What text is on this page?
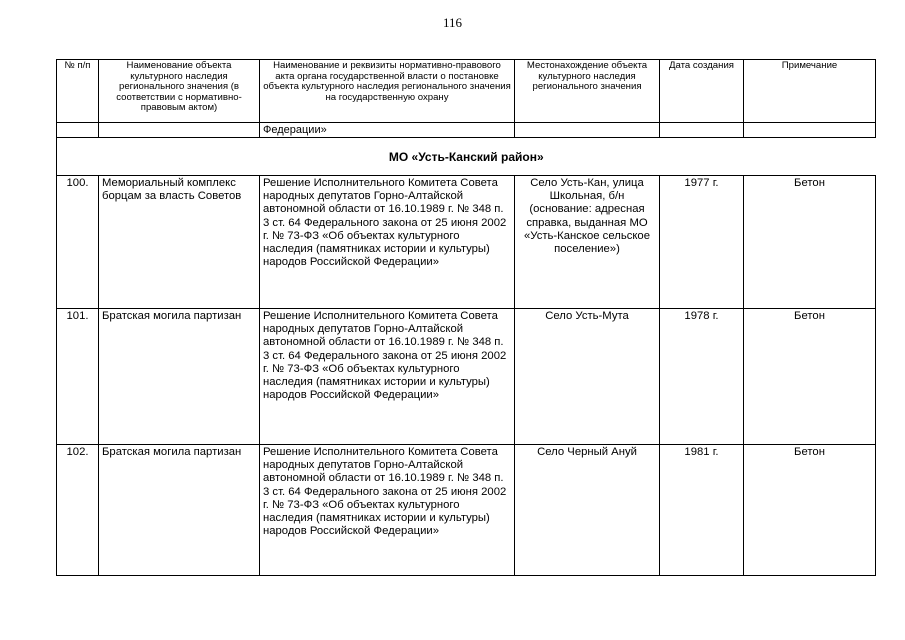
116
№ п/п	Наименование объекта культурного наследия регионального значения (в соответствии с нормативно-правовым актом)	Наименование и реквизиты нормативно-правового акта органа государственной власти о постановке объекта культурного наследия регионального значения на государственную охрану	Местонахождение объекта культурного наследия регионального значения	Дата создания	Примечание
		Федерации»			
МО «Усть-Канский район»					
100.	Мемориальный комплекс борцам за власть Советов	Решение Исполнительного Комитета Совета народных депутатов Горно-Алтайской автономной области от 16.10.1989 г. № 348 п. 3 ст. 64 Федерального закона от 25 июня 2002 г. № 73-ФЗ «Об объектах культурного наследия (памятниках истории и культуры) народов Российской Федерации»	Село Усть-Кан, улица Школьная, б/н (основание: адресная справка, выданная МО «Усть-Канское сельское поселение»)	1977 г.	Бетон
101.	Братская могила партизан	Решение Исполнительного Комитета Совета народных депутатов Горно-Алтайской автономной области от 16.10.1989 г. № 348 п. 3 ст. 64 Федерального закона от 25 июня 2002 г. № 73-ФЗ «Об объектах культурного наследия (памятниках истории и культуры) народов Российской Федерации»	Село Усть-Мута	1978 г.	Бетон
102.	Братская могила партизан	Решение Исполнительного Комитета Совета народных депутатов Горно-Алтайской автономной области от 16.10.1989 г. № 348 п. 3 ст. 64 Федерального закона от 25 июня 2002 г. № 73-ФЗ «Об объектах культурного наследия (памятниках истории и культуры) народов Российской Федерации»	Село Черный Ануй	1981 г.	Бетон
